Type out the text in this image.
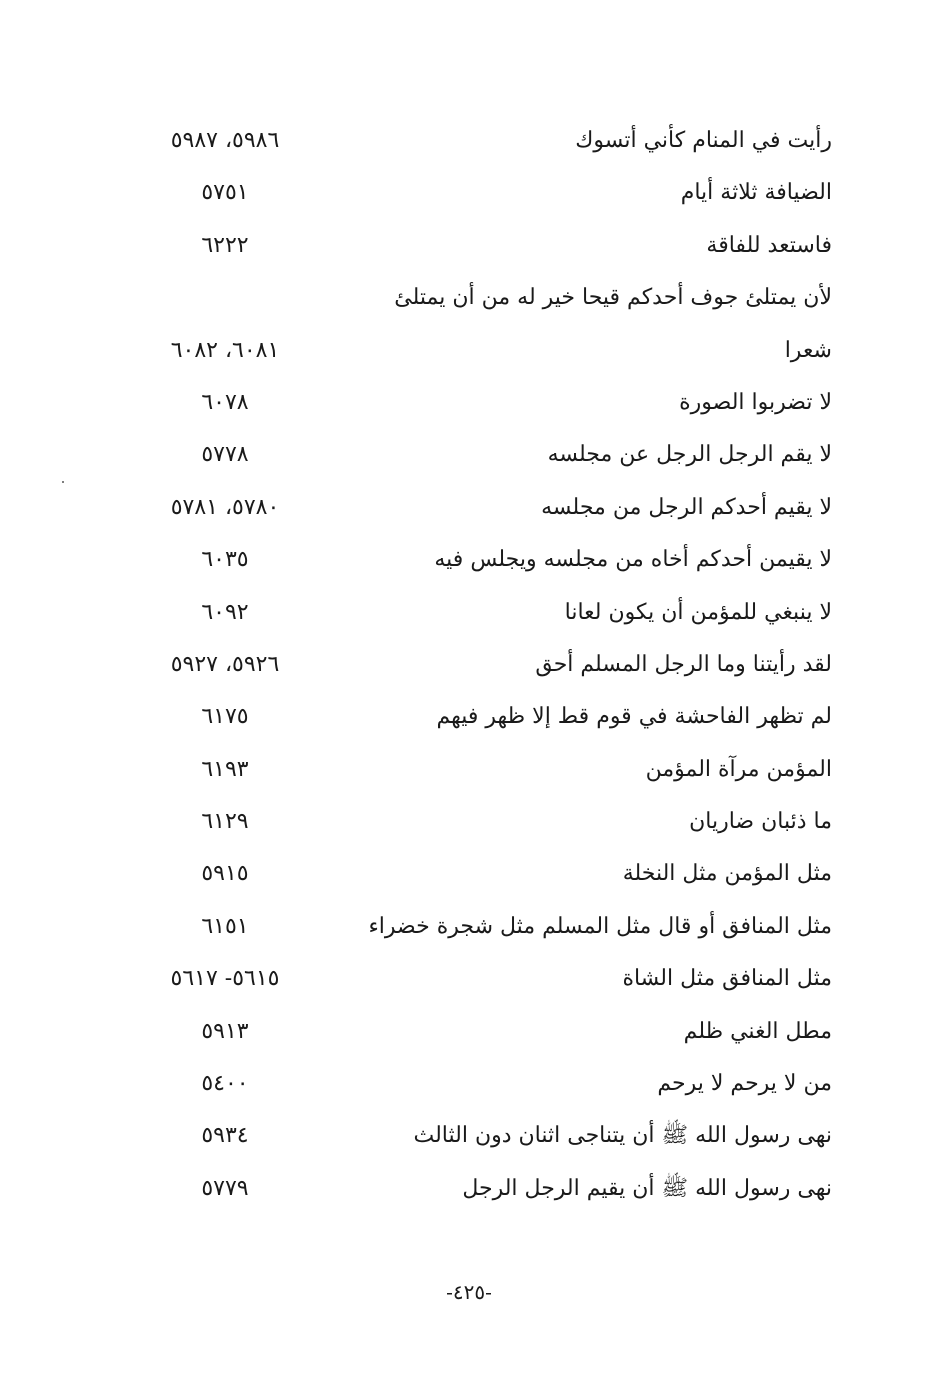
رأيت في المنام كأني أتسوك
٥٩٨٦، ٥٩٨٧
الضيافة ثلاثة أيام
٥٧٥١
فاستعد للفاقة
٦٢٢٢
لأن يمتلئ جوف أحدكم قيحا خير له من أن يمتلئ
شعرا
٦٠٨١، ٦٠٨٢
لا تضربوا الصورة
٦٠٧٨
لا يقم الرجل الرجل عن مجلسه
٥٧٧٨
لا يقيم أحدكم الرجل من مجلسه
٥٧٨٠، ٥٧٨١
لا يقيمن أحدكم أخاه من مجلسه ويجلس فيه
٦٠٣٥
لا ينبغي للمؤمن أن يكون لعانا
٦٠٩٢
لقد رأيتنا وما الرجل المسلم أحق
٥٩٢٦، ٥٩٢٧
لم تظهر الفاحشة في قوم قط إلا ظهر فيهم
٦١٧٥
المؤمن مرآة المؤمن
٦١٩٣
ما ذئبان ضاريان
٦١٢٩
مثل المؤمن مثل النخلة
٥٩١٥
مثل المنافق أو قال مثل المسلم مثل شجرة خضراء
٦١٥١
مثل المنافق مثل الشاة
٥٦١٥- ٥٦١٧
مطل الغني ظلم
٥٩١٣
من لا يرحم لا يرحم
٥٤٠٠
نهى رسول الله ﷺ أن يتناجى اثنان دون الثالث
٥٩٣٤
نهى رسول الله ﷺ أن يقيم الرجل الرجل
٥٧٧٩
-٤٢٥-
